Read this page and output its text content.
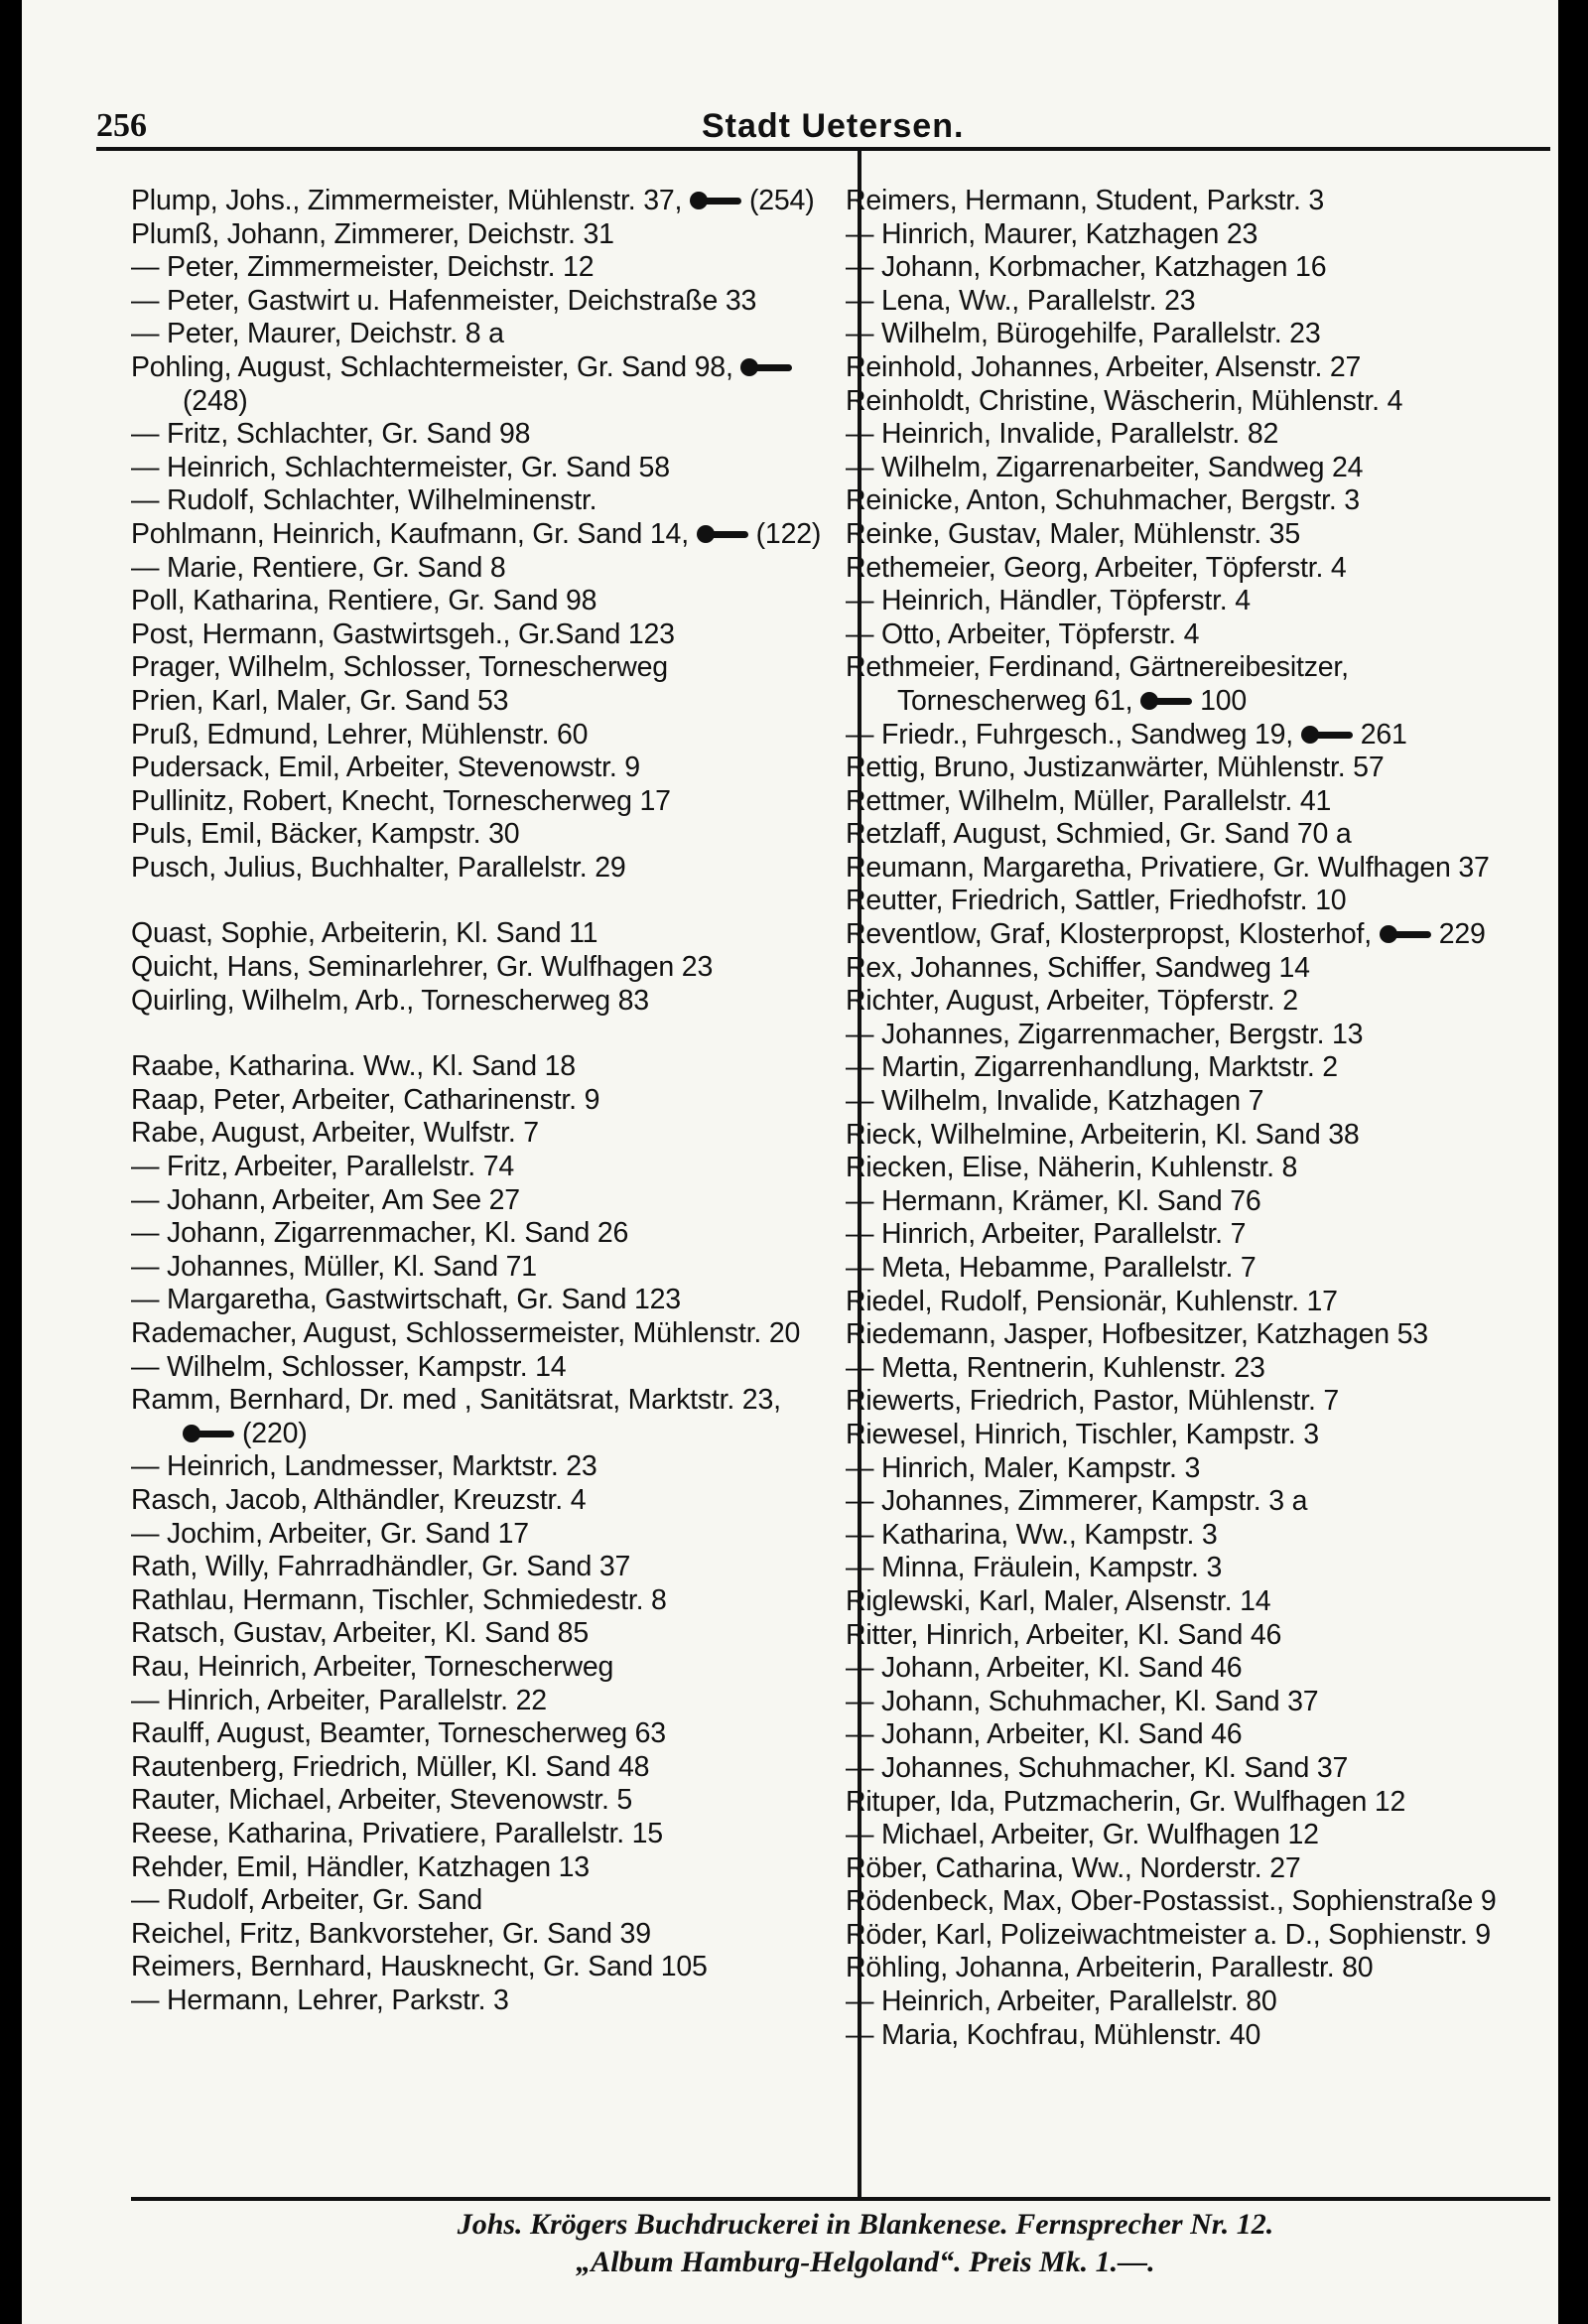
256	Stadt Uetersen.

Plump, Johs., Zimmermeister, Mühlenstr. 37, (254)

Plumß, Johann, Zimmerer, Deichstr. 31

— Peter, Zimmermeister, Deichstr. 12

— Peter, Gastwirt u. Hafenmeister, Deichstraße 33

— Peter, Maurer, Deichstr. 8 a

Pohling, August, Schlachtermeister, Gr. Sand 98, (248)

— Fritz, Schlachter, Gr. Sand 98

— Heinrich, Schlachtermeister, Gr. Sand 58

— Rudolf, Schlachter, Wilhelminenstr.

Pohlmann, Heinrich, Kaufmann, Gr. Sand 14, (122)

— Marie, Rentiere, Gr. Sand 8

Poll, Katharina, Rentiere, Gr. Sand 98

Post, Hermann, Gastwirtsgeh., Gr.Sand 123

Prager, Wilhelm, Schlosser, Tornescherweg

Prien, Karl, Maler, Gr. Sand 53

Pruß, Edmund, Lehrer, Mühlenstr. 60

Pudersack, Emil, Arbeiter, Stevenowstr. 9

Pullinitz, Robert, Knecht, Tornescherweg 17

Puls, Emil, Bäcker, Kampstr. 30

Pusch, Julius, Buchhalter, Parallelstr. 29

Quast, Sophie, Arbeiterin, Kl. Sand 11

Quicht, Hans, Seminarlehrer, Gr. Wulfhagen 23

Quirling, Wilhelm, Arb., Tornescherweg 83

Raabe, Katharina. Ww., Kl. Sand 18

Raap, Peter, Arbeiter, Catharinenstr. 9

Rabe, August, Arbeiter, Wulfstr. 7

— Fritz, Arbeiter, Parallelstr. 74

— Johann, Arbeiter, Am See 27

— Johann, Zigarrenmacher, Kl. Sand 26

— Johannes, Müller, Kl. Sand 71

— Margaretha, Gastwirtschaft, Gr. Sand 123

Rademacher, August, Schlossermeister, Mühlenstr. 20

— Wilhelm, Schlosser, Kampstr. 14

Ramm, Bernhard, Dr. med , Sanitätsrat, Marktstr. 23, (220)

— Heinrich, Landmesser, Marktstr. 23

Rasch, Jacob, Althändler, Kreuzstr. 4

— Jochim, Arbeiter, Gr. Sand 17

Rath, Willy, Fahrradhändler, Gr. Sand 37

Rathlau, Hermann, Tischler, Schmiedestr. 8

Ratsch, Gustav, Arbeiter, Kl. Sand 85

Rau, Heinrich, Arbeiter, Tornescherweg

— Hinrich, Arbeiter, Parallelstr. 22

Raulff, August, Beamter, Tornescherweg 63

Rautenberg, Friedrich, Müller, Kl. Sand 48

Rauter, Michael, Arbeiter, Stevenowstr. 5

Reese, Katharina, Privatiere, Parallelstr. 15

Rehder, Emil, Händler, Katzhagen 13

— Rudolf, Arbeiter, Gr. Sand

Reichel, Fritz, Bankvorsteher, Gr. Sand 39

Reimers, Bernhard, Hausknecht, Gr. Sand 105

— Hermann, Lehrer, Parkstr. 3

Reimers, Hermann, Student, Parkstr. 3

— Hinrich, Maurer, Katzhagen 23

— Johann, Korbmacher, Katzhagen 16

— Lena, Ww., Parallelstr. 23

— Wilhelm, Bürogehilfe, Parallelstr. 23

Reinhold, Johannes, Arbeiter, Alsenstr. 27

Reinholdt, Christine, Wäscherin, Mühlenstr. 4

— Heinrich, Invalide, Parallelstr. 82

— Wilhelm, Zigarrenarbeiter, Sandweg 24

Reinicke, Anton, Schuhmacher, Bergstr. 3

Reinke, Gustav, Maler, Mühlenstr. 35

Rethemeier, Georg, Arbeiter, Töpferstr. 4

— Heinrich, Händler, Töpferstr. 4

— Otto, Arbeiter, Töpferstr. 4

Rethmeier, Ferdinand, Gärtnereibesitzer, Tornescherweg 61, 100

— Friedr., Fuhrgesch., Sandweg 19, 261

Rettig, Bruno, Justizanwärter, Mühlenstr. 57

Rettmer, Wilhelm, Müller, Parallelstr. 41

Retzlaff, August, Schmied, Gr. Sand 70 a

Reumann, Margaretha, Privatiere, Gr. Wulfhagen 37

Reutter, Friedrich, Sattler, Friedhofstr. 10

Reventlow, Graf, Klosterpropst, Klosterhof, 229

Rex, Johannes, Schiffer, Sandweg 14

Richter, August, Arbeiter, Töpferstr. 2

— Johannes, Zigarrenmacher, Bergstr. 13

— Martin, Zigarrenhandlung, Marktstr. 2

— Wilhelm, Invalide, Katzhagen 7

Rieck, Wilhelmine, Arbeiterin, Kl. Sand 38

Riecken, Elise, Näherin, Kuhlenstr. 8

— Hermann, Krämer, Kl. Sand 76

— Hinrich, Arbeiter, Parallelstr. 7

— Meta, Hebamme, Parallelstr. 7

Riedel, Rudolf, Pensionär, Kuhlenstr. 17

Riedemann, Jasper, Hofbesitzer, Katzhagen 53

— Metta, Rentnerin, Kuhlenstr. 23

Riewerts, Friedrich, Pastor, Mühlenstr. 7

Riewesel, Hinrich, Tischler, Kampstr. 3

— Hinrich, Maler, Kampstr. 3

— Johannes, Zimmerer, Kampstr. 3 a

— Katharina, Ww., Kampstr. 3

— Minna, Fräulein, Kampstr. 3

Riglewski, Karl, Maler, Alsenstr. 14

Ritter, Hinrich, Arbeiter, Kl. Sand 46

— Johann, Arbeiter, Kl. Sand 46

— Johann, Schuhmacher, Kl. Sand 37

— Johann, Arbeiter, Kl. Sand 46

— Johannes, Schuhmacher, Kl. Sand 37

Rituper, Ida, Putzmacherin, Gr. Wulfhagen 12

— Michael, Arbeiter, Gr. Wulfhagen 12

Röber, Catharina, Ww., Norderstr. 27

Rödenbeck, Max, Ober-Postassist., Sophienstraße 9

Röder, Karl, Polizeiwachtmeister a. D., Sophienstr. 9

Röhling, Johanna, Arbeiterin, Parallestr. 80

— Heinrich, Arbeiter, Parallelstr. 80

— Maria, Kochfrau, Mühlenstr. 40

Johs. Krögers Buchdruckerei in Blankenese. Fernsprecher Nr. 12.
„Album Hamburg-Helgoland“. Preis Mk. 1.—.
